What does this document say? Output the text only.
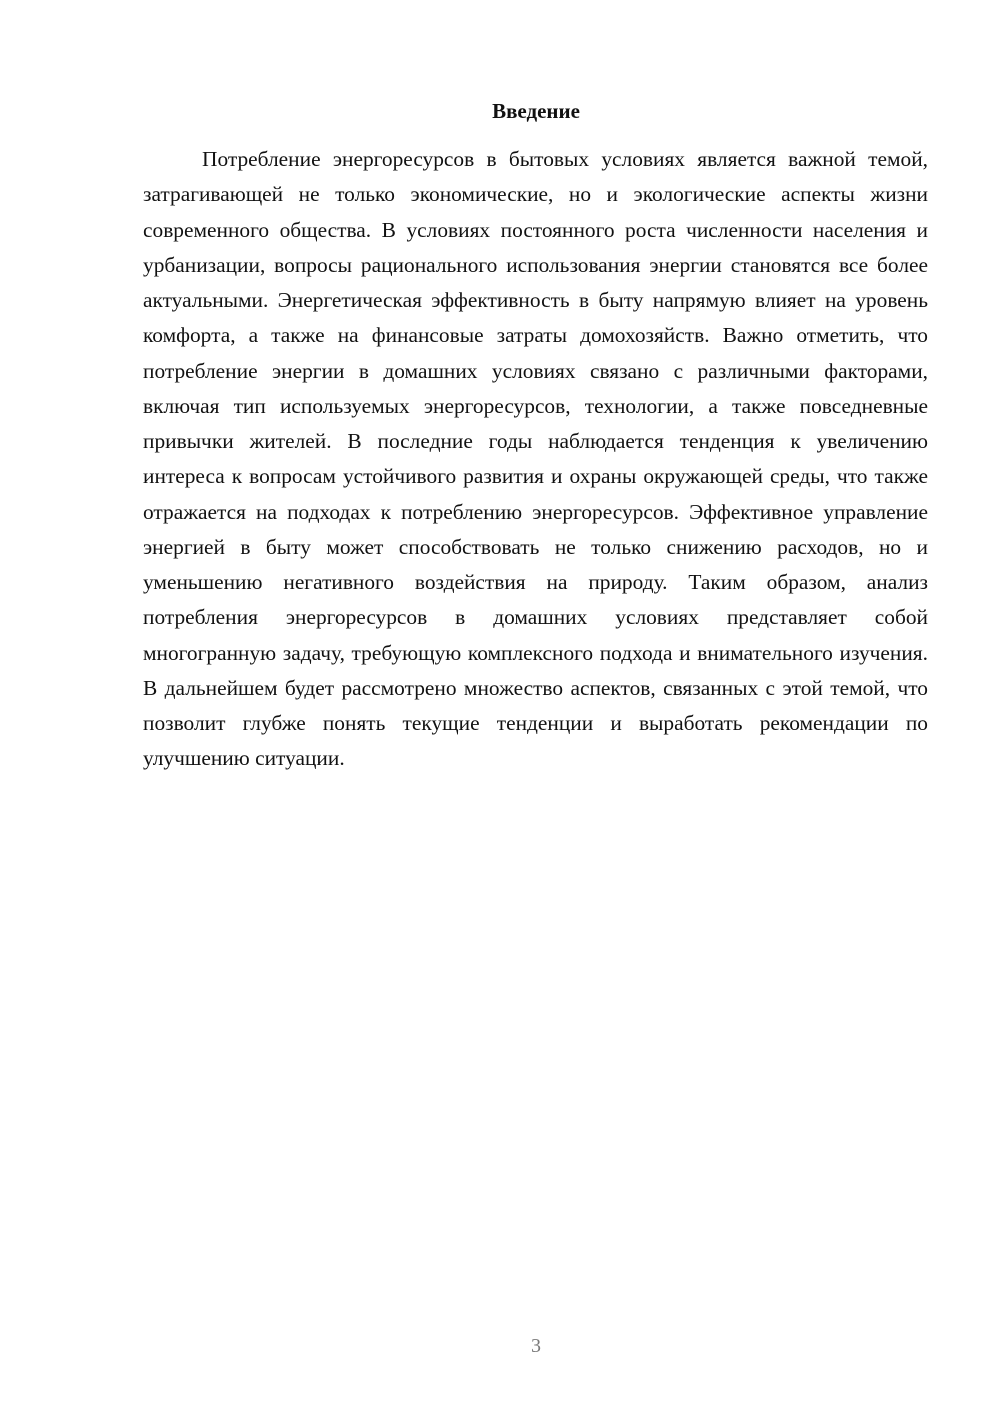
Введение

Потребление энергоресурсов в бытовых условиях является важной темой, затрагивающей не только экономические, но и экологические аспекты жизни современного общества. В условиях постоянного роста численности населения и урбанизации, вопросы рационального использования энергии становятся все более актуальными. Энергетическая эффективность в быту напрямую влияет на уровень комфорта, а также на финансовые затраты домохозяйств. Важно отметить, что потребление энергии в домашних условиях связано с различными факторами, включая тип используемых энергоресурсов, технологии, а также повседневные привычки жителей. В последние годы наблюдается тенденция к увеличению интереса к вопросам устойчивого развития и охраны окружающей среды, что также отражается на подходах к потреблению энергоресурсов. Эффективное управление энергией в быту может способствовать не только снижению расходов, но и уменьшению негативного воздействия на природу. Таким образом, анализ потребления энергоресурсов в домашних условиях представляет собой многогранную задачу, требующую комплексного подхода и внимательного изучения. В дальнейшем будет рассмотрено множество аспектов, связанных с этой темой, что позволит глубже понять текущие тенденции и выработать рекомендации по улучшению ситуации.

3
